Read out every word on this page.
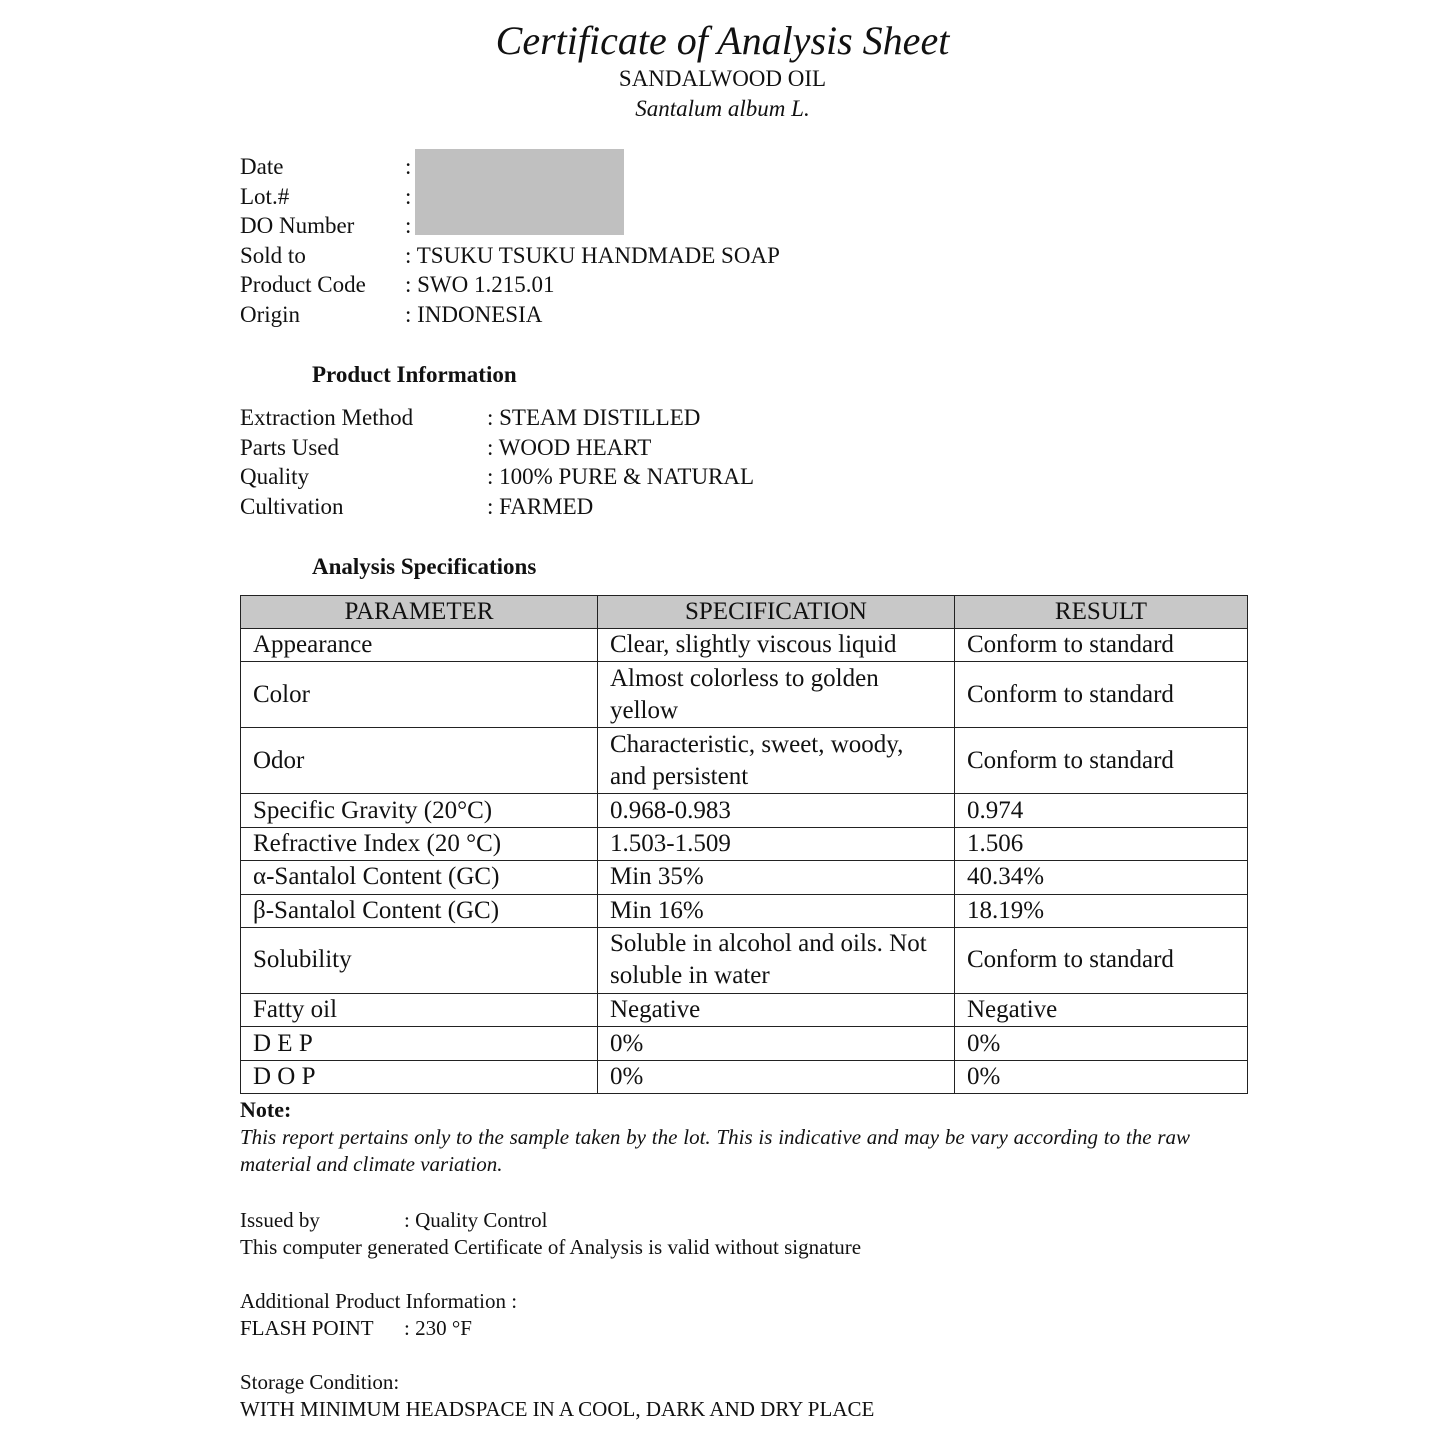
Certificate of Analysis Sheet
SANDALWOOD OIL
Santalum album L.
Date	:
Lot.#	:
DO Number :
Sold to	: TSUKU TSUKU HANDMADE SOAP
Product Code : SWO 1.215.01
Origin	: INDONESIA
Product Information
Extraction Method	: STEAM DISTILLED
Parts Used	: WOOD HEART
Quality	: 100% PURE & NATURAL
Cultivation	: FARMED
Analysis Specifications
PARAMETER	SPECIFICATION	RESULT
Appearance	Clear, slightly viscous liquid	Conform to standard
Color	Almost colorless to golden yellow	Conform to standard
Odor	Characteristic, sweet, woody, and persistent	Conform to standard
Specific Gravity (20°C)	0.968-0.983	0.974
Refractive Index (20 °C)	1.503-1.509	1.506
α-Santalol Content (GC)	Min 35%	40.34%
β-Santalol Content (GC)	Min 16%	18.19%
Solubility	Soluble in alcohol and oils. Not soluble in water	Conform to standard
Fatty oil	Negative	Negative
D E P	0%	0%
D O P	0%	0%
Note:
This report pertains only to the sample taken by the lot. This is indicative and may be vary according to the raw material and climate variation.
Issued by	: Quality Control
This computer generated Certificate of Analysis is valid without signature
Additional Product Information :
FLASH POINT : 230 °F
Storage Condition:
WITH MINIMUM HEADSPACE IN A COOL, DARK AND DRY PLACE
